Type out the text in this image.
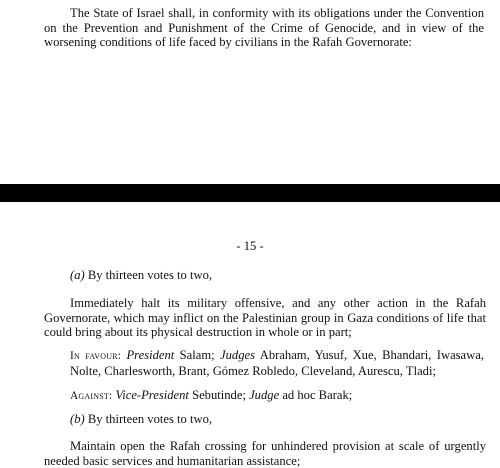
The State of Israel shall, in conformity with its obligations under the Convention on the Prevention and Punishment of the Crime of Genocide, and in view of the worsening conditions of life faced by civilians in the Rafah Governorate:

- 15 -

(a) By thirteen votes to two,

Immediately halt its military offensive, and any other action in the Rafah Governorate, which may inflict on the Palestinian group in Gaza conditions of life that could bring about its physical destruction in whole or in part;

In favour: President Salam; Judges Abraham, Yusuf, Xue, Bhandari, Iwasawa, Nolte, Charlesworth, Brant, Gómez Robledo, Cleveland, Aurescu, Tladi;

Against: Vice-President Sebutinde; Judge ad hoc Barak;

(b) By thirteen votes to two,

Maintain open the Rafah crossing for unhindered provision at scale of urgently needed basic services and humanitarian assistance;
